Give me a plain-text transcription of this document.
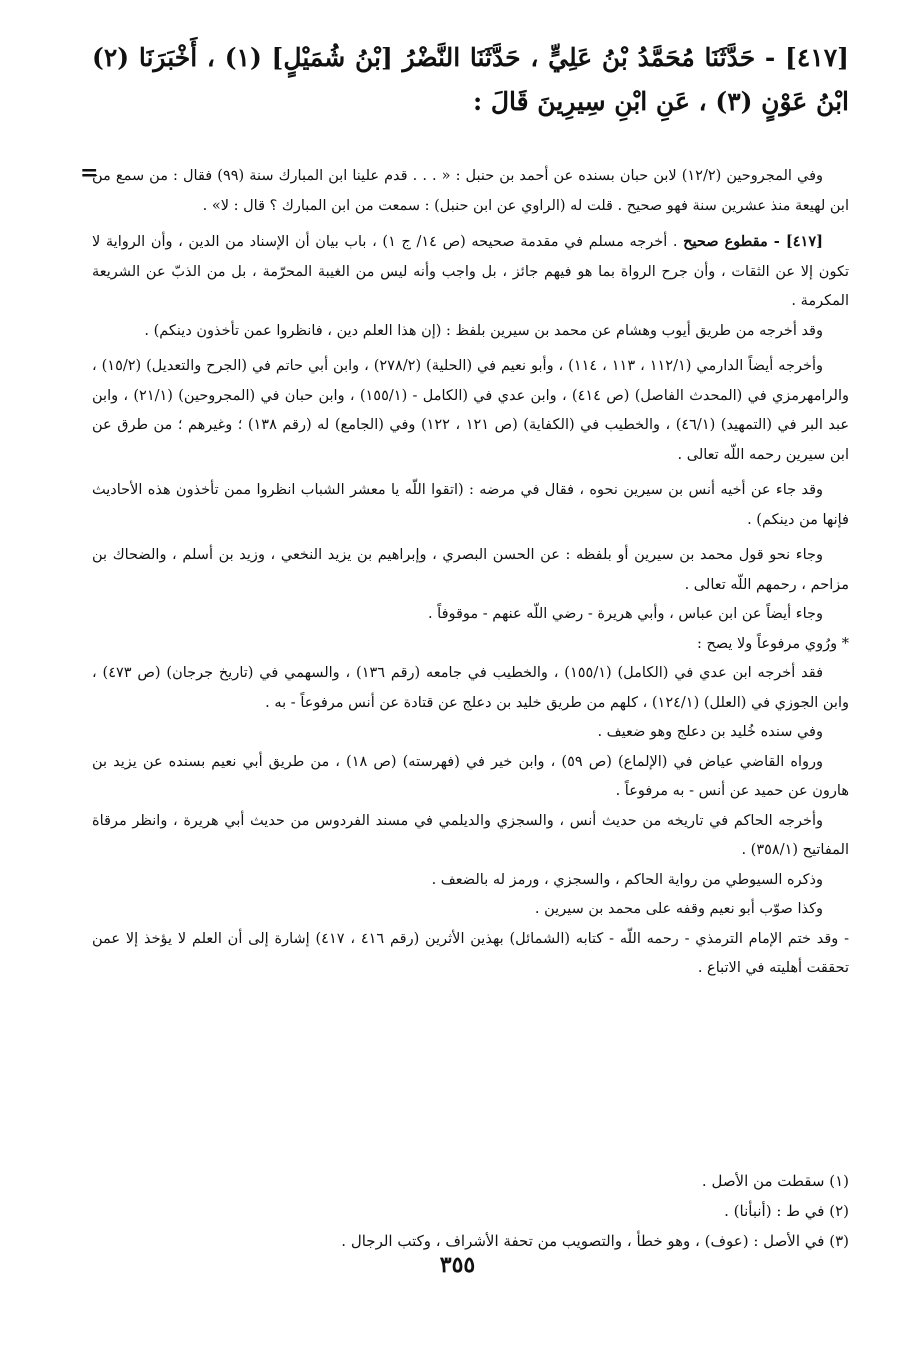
[٤١٧] - حَدَّثَنَا مُحَمَّدُ بْنُ عَلِيٍّ ، حَدَّثَنَا النَّضْرُ [بْنُ شُمَيْلٍ] (١) ، أَخْبَرَنَا (٢) ابْنُ عَوْنٍ (٣) ، عَنِ ابْنِ سِيرِينَ قَالَ :
=

وفي المجروحين (١٢/٢) لابن حبان بسنده عن أحمد بن حنبل : « . . . قدم علينا ابن المبارك سنة (٩٩) فقال : من سمع من ابن لهيعة منذ عشرين سنة فهو صحيح . قلت له (الراوي عن ابن حنبل) : سمعت من ابن المبارك ؟ قال : لا» .

[٤١٧] - مقطوع صحيح . أخرجه مسلم في مقدمة صحيحه (ص ١٤/ ج ١) ، باب بيان أن الإسناد من الدين ، وأن الرواية لا تكون إلا عن الثقات ، وأن جرح الرواة بما هو فيهم جائز ، بل واجب وأنه ليس من الغيبة المحرّمة ، بل من الذبّ عن الشريعة المكرمة .

وقد أخرجه من طريق أيوب وهشام عن محمد بن سيرين بلفظ : (إن هذا العلم دين ، فانظروا عمن تأخذون دينكم) .

وأخرجه أيضاً الدارمي (١١٢/١ ، ١١٣ ، ١١٤) ، وأبو نعيم في (الحلية) (٢٧٨/٢) ، وابن أبي حاتم في (الجرح والتعديل) (١٥/٢) ، والرامهرمزي في (المحدث الفاصل) (ص ٤١٤) ، وابن عدي في (الكامل - (١٥٥/١) ، وابن حبان في (المجروحين) (٢١/١) ، وابن عبد البر في (التمهيد) (٤٦/١) ، والخطيب في (الكفاية) (ص ١٢١ ، ١٢٢) وفي (الجامع) له (رقم ١٣٨) ؛ وغيرهم ؛ من طرق عن ابن سيرين رحمه اللّه تعالى .

وقد جاء عن أخيه أنس بن سيرين نحوه ، فقال في مرضه : (اتقوا اللّه يا معشر الشباب انظروا ممن تأخذون هذه الأحاديث فإنها من دينكم) .

وجاء نحو قول محمد بن سيرين أو بلفظه : عن الحسن البصري ، وإبراهيم بن يزيد النخعي ، وزيد بن أسلم ، والضحاك بن مزاحم ، رحمهم اللّه تعالى .

وجاء أيضاً عن ابن عباس ، وأبي هريرة - رضي اللّه عنهم - موقوفاً .

* ورُوي مرفوعاً ولا يصح :

فقد أخرجه ابن عدي في (الكامل) (١٥٥/١) ، والخطيب في جامعه (رقم ١٣٦) ، والسهمي في (تاريخ جرجان) (ص ٤٧٣) ، وابن الجوزي في (العلل) (١٢٤/١) ، كلهم من طريق خليد بن دعلج عن قتادة عن أنس مرفوعاً - به .

وفي سنده خُليد بن دعلج وهو ضعيف .

ورواه القاضي عياض في (الإلماع) (ص ٥٩) ، وابن خير في (فهرسته) (ص ١٨) ، من طريق أبي نعيم بسنده عن يزيد بن هارون عن حميد عن أنس - به مرفوعاً .

وأخرجه الحاكم في تاريخه من حديث أنس ، والسجزي والديلمي في مسند الفردوس من حديث أبي هريرة ، وانظر مرقاة المفاتيح (٣٥٨/١) .

وذكره السيوطي من رواية الحاكم ، والسجزي ، ورمز له بالضعف .

وكذا صوّب أبو نعيم وقفه على محمد بن سيرين .

- وقد ختم الإمام الترمذي - رحمه اللّه - كتابه (الشمائل) بهذين الأثرين (رقم ٤١٦ ، ٤١٧) إشارة إلى أن العلم لا يؤخذ إلا عمن تحققت أهليته في الاتباع .

(١) سقطت من الأصل .

(٢) في ط : (أنبأنا) .

(٣) في الأصل : (عوف) ، وهو خطأ ، والتصويب من تحفة الأشراف ، وكتب الرجال .

٣٥٥
